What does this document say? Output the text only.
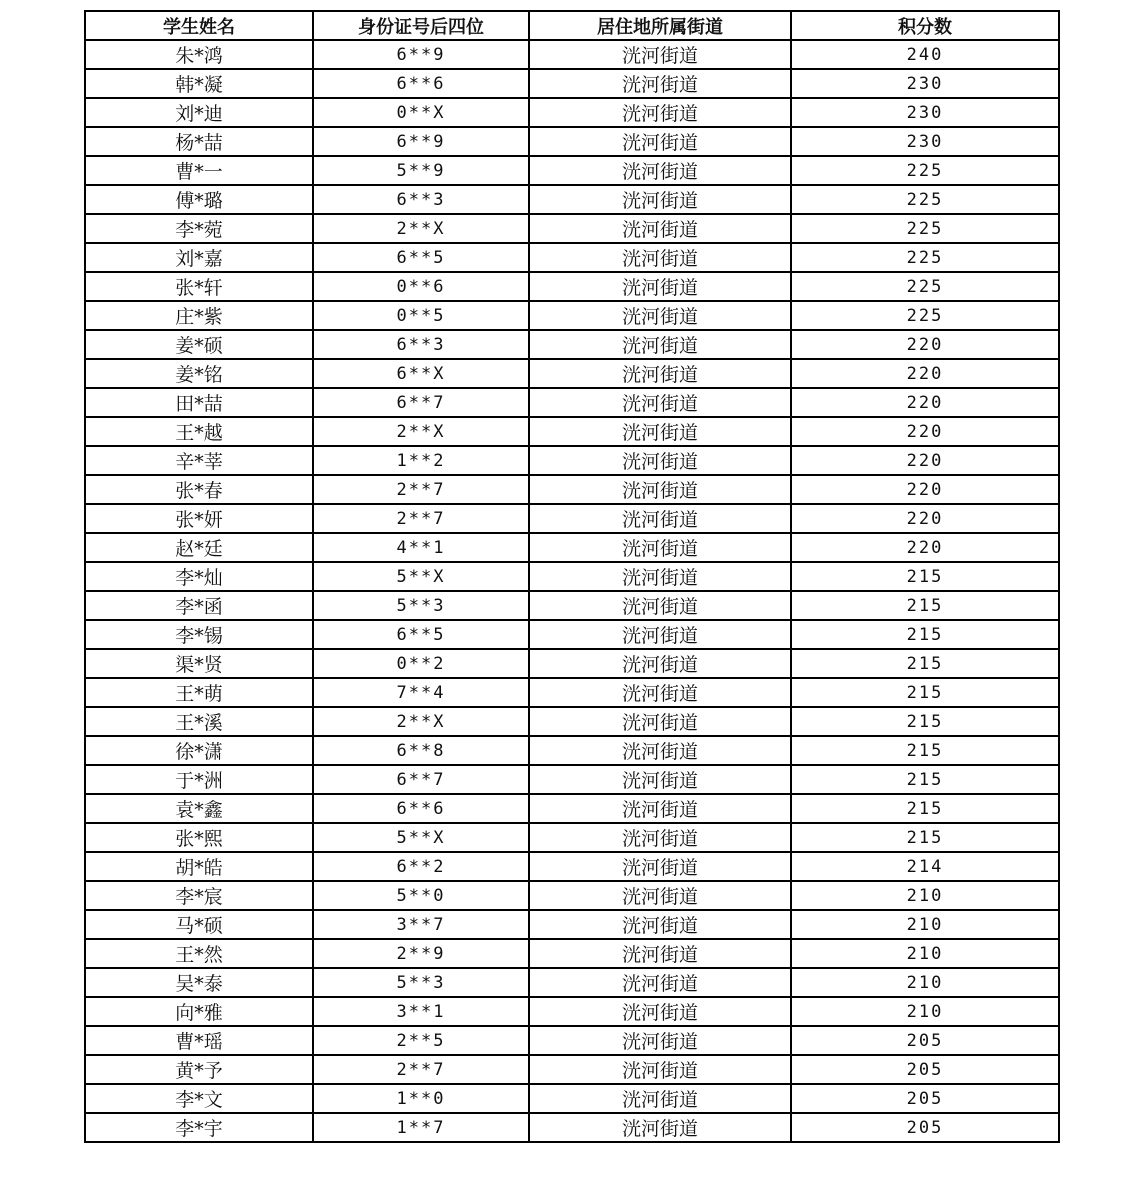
学生姓名	身份证号后四位	居住地所属街道	积分数
朱*鸿	6**9	洸河街道	240
韩*凝	6**6	洸河街道	230
刘*迪	0**X	洸河街道	230
杨*喆	6**9	洸河街道	230
曹*一	5**9	洸河街道	225
傅*璐	6**3	洸河街道	225
李*菀	2**X	洸河街道	225
刘*嘉	6**5	洸河街道	225
张*轩	0**6	洸河街道	225
庄*紫	0**5	洸河街道	225
姜*硕	6**3	洸河街道	220
姜*铭	6**X	洸河街道	220
田*喆	6**7	洸河街道	220
王*越	2**X	洸河街道	220
辛*莘	1**2	洸河街道	220
张*春	2**7	洸河街道	220
张*妍	2**7	洸河街道	220
赵*廷	4**1	洸河街道	220
李*灿	5**X	洸河街道	215
李*函	5**3	洸河街道	215
李*锡	6**5	洸河街道	215
渠*贤	0**2	洸河街道	215
王*萌	7**4	洸河街道	215
王*溪	2**X	洸河街道	215
徐*潇	6**8	洸河街道	215
于*洲	6**7	洸河街道	215
袁*鑫	6**6	洸河街道	215
张*熙	5**X	洸河街道	215
胡*皓	6**2	洸河街道	214
李*宸	5**0	洸河街道	210
马*硕	3**7	洸河街道	210
王*然	2**9	洸河街道	210
吴*泰	5**3	洸河街道	210
向*雅	3**1	洸河街道	210
曹*瑶	2**5	洸河街道	205
黄*予	2**7	洸河街道	205
李*文	1**0	洸河街道	205
李*宇	1**7	洸河街道	205
